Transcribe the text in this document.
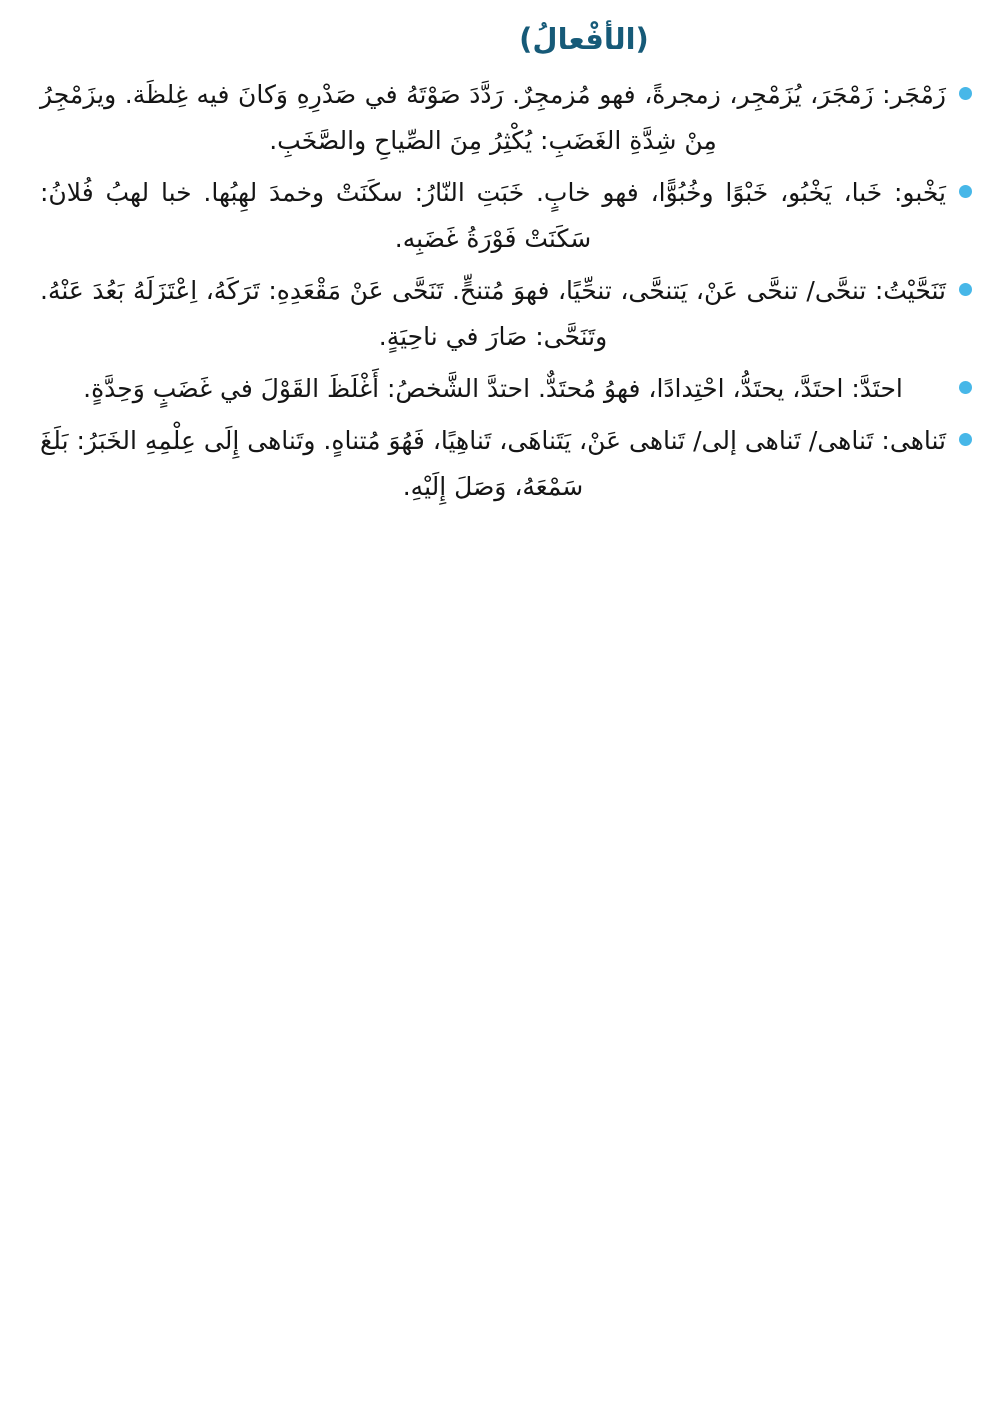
(الأفْعالُ)

زَمْجَر: زَمْجَرَ، يُزَمْجِر، زمجرةً، فهو مُزمجِرٌ. رَدَّدَ صَوْتَهُ في صَدْرِهِ وَكانَ فيه غِلظَة. ويزَمْجِرُ مِنْ شِدَّةِ الغَضَبِ: يُكْثِرُ مِنَ الصِّياحِ والصَّخَبِ.

يَخْبو: خَبا، يَخْبُو، خَبْوًا وخُبُوًّا، فهو خابٍ. خَبَتِ النّارُ: سكَنَتْ وخمدَ لهِبُها. خبا لهبُ فُلانُ: سَكَنَتْ فَوْرَةُ غَضَبِه.

تَنَحَّيْتُ: تنحَّى/ تنحَّى عَنْ، يَتنحَّى، تنحِّيًا، فهوَ مُتنحٍّ. تَنَحَّى عَنْ مَقْعَدِهِ: تَرَكَهُ، اِعْتَزَلَهُ بَعُدَ عَنْهُ. وتَنَحَّى: صَارَ في ناحِيَةٍ.

احتَدَّ: احتَدَّ، يحتَدُّ، احْتِدادًا، فهوُ مُحتَدٌّ. احتدَّ الشَّخصُ: أَغْلَظَ القَوْلَ في غَضَبٍ وَحِدَّةٍ.

تَناهى: تَناهى/ تَناهى إلى/ تَناهى عَنْ، يَتَناهَى، تَناهِيًا، فَهُوَ مُتناهٍ. وتَناهى إِلَى عِلْمِهِ الخَبَرُ: بَلَغَ سَمْعَهُ، وَصَلَ إِلَيْهِ.
